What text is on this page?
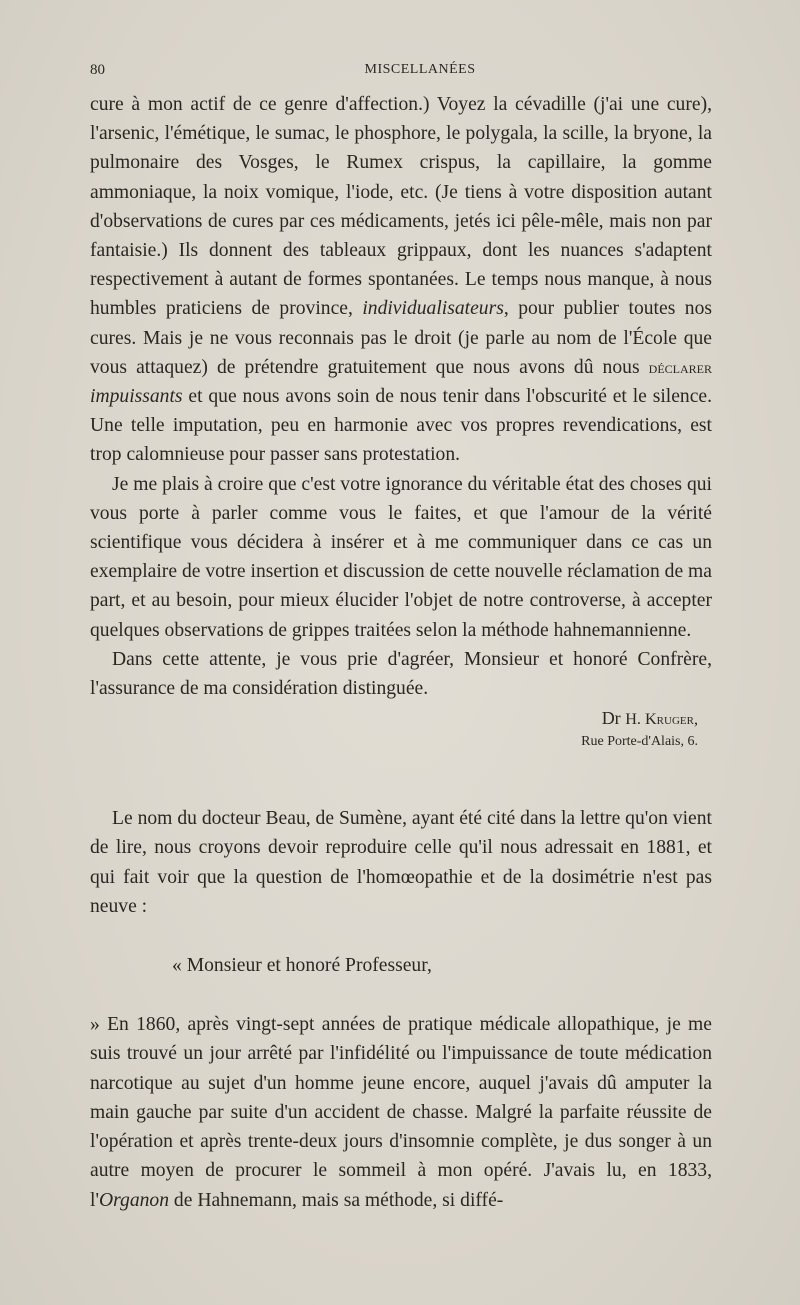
80	MISCELLANÉES

cure à mon actif de ce genre d'affection.) Voyez la cévadille (j'ai une cure), l'arsenic, l'émétique, le sumac, le phosphore, le polygala, la scille, la bryone, la pulmonaire des Vosges, le Rumex crispus, la capillaire, la gomme ammoniaque, la noix vomique, l'iode, etc. (Je tiens à votre disposition autant d'observations de cures par ces médicaments, jetés ici pêle-mêle, mais non par fantaisie.) Ils donnent des tableaux grippaux, dont les nuances s'adaptent respectivement à autant de formes spontanées. Le temps nous manque, à nous humbles praticiens de province, individualisateurs, pour publier toutes nos cures. Mais je ne vous reconnais pas le droit (je parle au nom de l'École que vous attaquez) de prétendre gratuitement que nous avons dû nous déclarer impuissants et que nous avons soin de nous tenir dans l'obscurité et le silence. Une telle imputation, peu en harmonie avec vos propres revendications, est trop calomnieuse pour passer sans protestation.

Je me plais à croire que c'est votre ignorance du véritable état des choses qui vous porte à parler comme vous le faites, et que l'amour de la vérité scientifique vous décidera à insérer et à me communiquer dans ce cas un exemplaire de votre insertion et discussion de cette nouvelle réclamation de ma part, et au besoin, pour mieux élucider l'objet de notre controverse, à accepter quelques observations de grippes traitées selon la méthode hahnemannienne.

Dans cette attente, je vous prie d'agréer, Monsieur et honoré Confrère, l'assurance de ma considération distinguée.

Dr H. Kruger,
Rue Porte-d'Alais, 6.

Le nom du docteur Beau, de Sumène, ayant été cité dans la lettre qu'on vient de lire, nous croyons devoir reproduire celle qu'il nous adressait en 1881, et qui fait voir que la question de l'homœopathie et de la dosimétrie n'est pas neuve :

« Monsieur et honoré Professeur,

» En 1860, après vingt-sept années de pratique médicale allopathique, je me suis trouvé un jour arrêté par l'infidélité ou l'impuissance de toute médication narcotique au sujet d'un homme jeune encore, auquel j'avais dû amputer la main gauche par suite d'un accident de chasse. Malgré la parfaite réussite de l'opération et après trente-deux jours d'insomnie complète, je dus songer à un autre moyen de procurer le sommeil à mon opéré. J'avais lu, en 1833, l'Organon de Hahnemann, mais sa méthode, si diffé-
